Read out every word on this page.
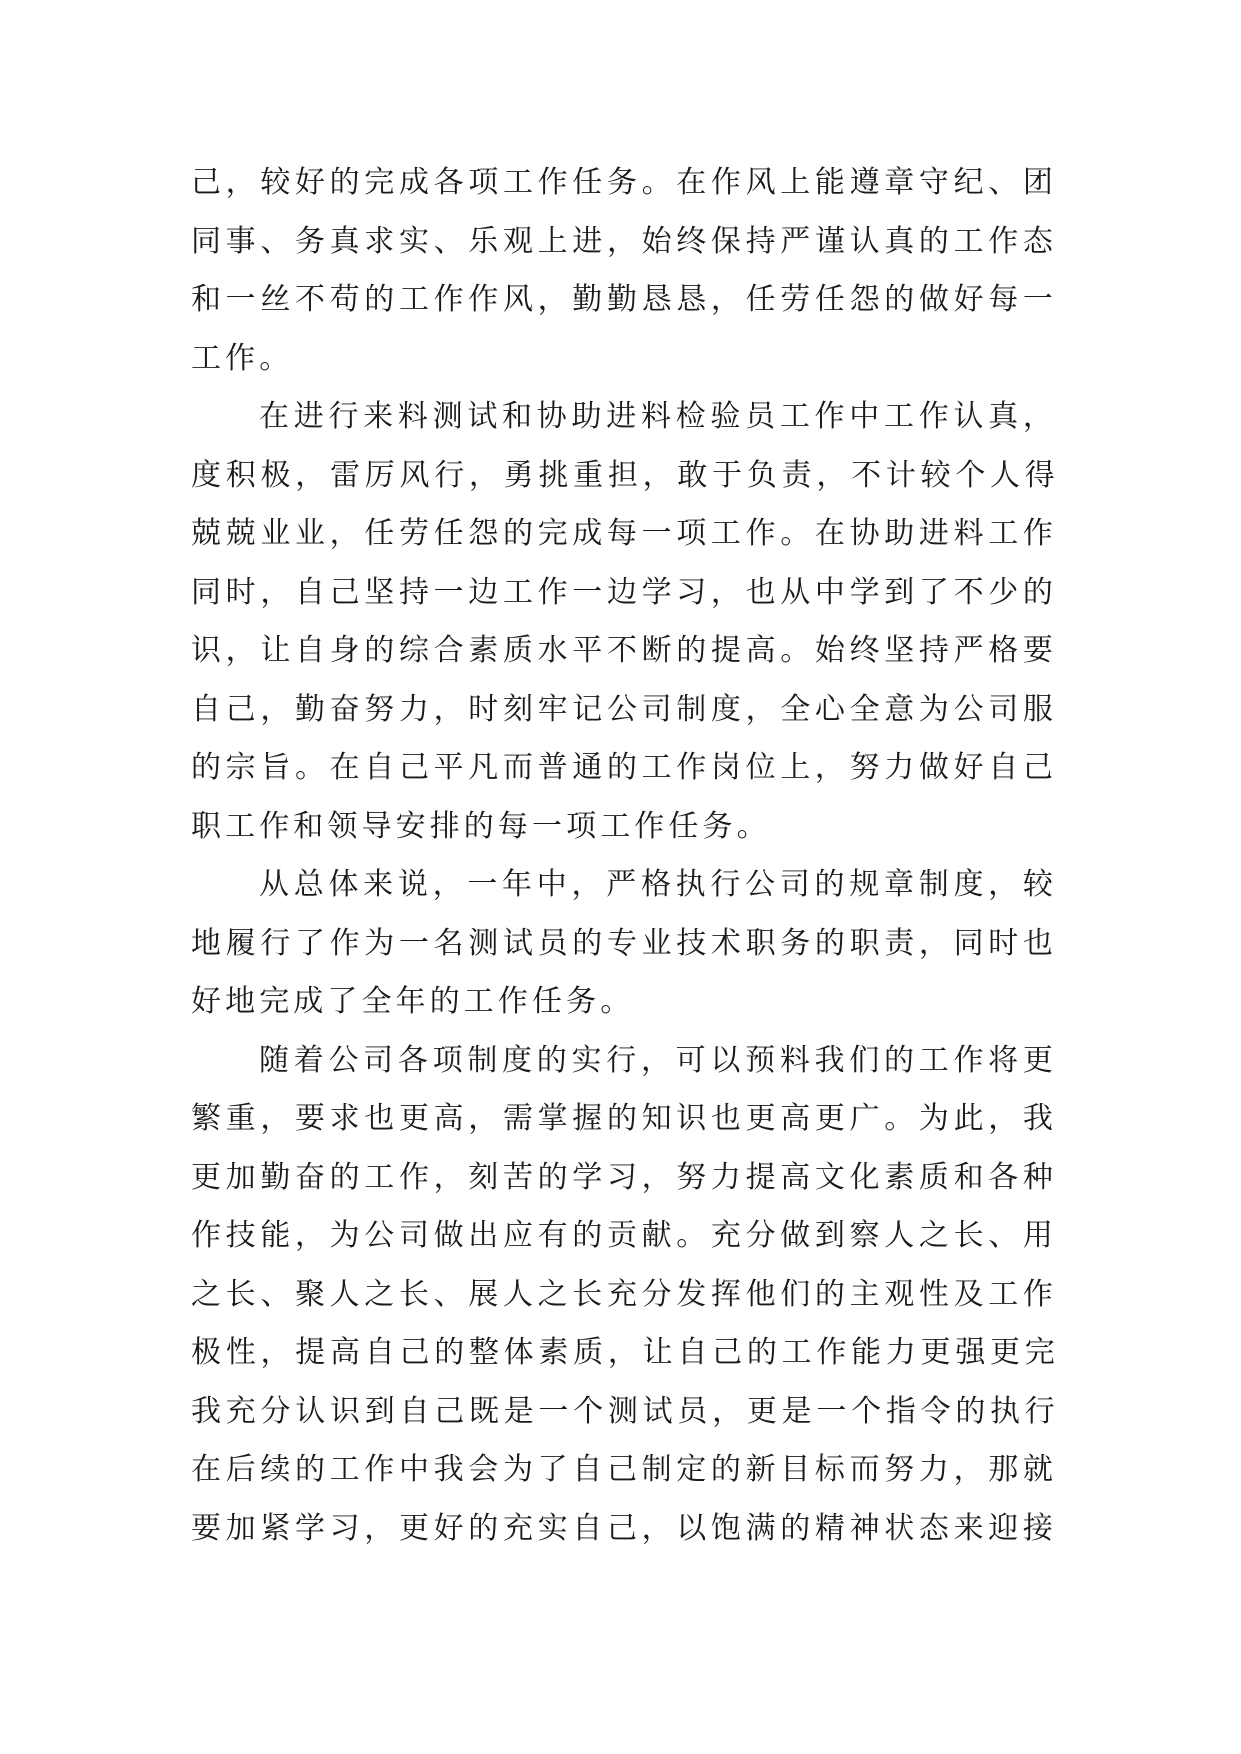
己，较好的完成各项工作任务。在作风上能遵章守纪、团
同事、务真求实、乐观上进，始终保持严谨认真的工作态
和一丝不苟的工作作风，勤勤恳恳，任劳任怨的做好每一
工作。
在进行来料测试和协助进料检验员工作中工作认真，
度积极，雷厉风行，勇挑重担，敢于负责，不计较个人得
兢兢业业，任劳任怨的完成每一项工作。在协助进料工作
同时，自己坚持一边工作一边学习，也从中学到了不少的
识，让自身的综合素质水平不断的提高。始终坚持严格要
自己，勤奋努力，时刻牢记公司制度，全心全意为公司服
的宗旨。在自己平凡而普通的工作岗位上，努力做好自己
职工作和领导安排的每一项工作任务。
从总体来说，一年中，严格执行公司的规章制度，较
地履行了作为一名测试员的专业技术职务的职责，同时也
好地完成了全年的工作任务。
随着公司各项制度的实行，可以预料我们的工作将更
繁重，要求也更高，需掌握的知识也更高更广。为此，我
更加勤奋的工作，刻苦的学习，努力提高文化素质和各种
作技能，为公司做出应有的贡献。充分做到察人之长、用
之长、聚人之长、展人之长充分发挥他们的主观性及工作
极性，提高自己的整体素质，让自己的工作能力更强更完
我充分认识到自己既是一个测试员，更是一个指令的执行
在后续的工作中我会为了自己制定的新目标而努力，那就
要加紧学习，更好的充实自己，以饱满的精神状态来迎接
